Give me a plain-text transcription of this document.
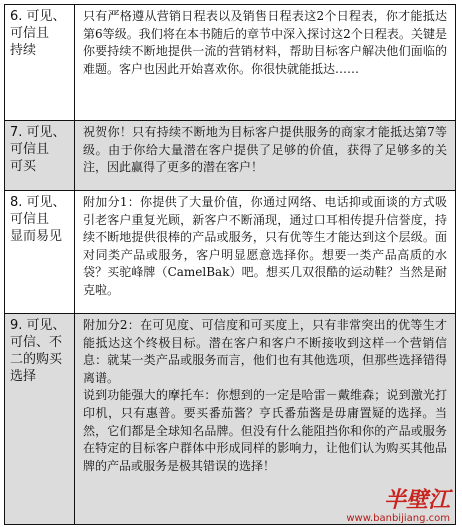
6. 可见、
可信且
持续

只有严格遵从营销日程表以及销售日程表这2个日程表，你才能抵达第6等级。我们将在本书随后的章节中深入探讨这2个日程表。关键是你要持续不断地提供一流的营销材料，帮助目标客户解决他们面临的难题。客户也因此开始喜欢你。你很快就能抵达……

7. 可见、
可信且
可买

祝贺你！只有持续不断地为目标客户提供服务的商家才能抵达第7等级。由于你给大量潜在客户提供了足够的价值，获得了足够多的关注，因此赢得了更多的潜在客户！

8. 可见、
可信且
显而易见

附加分1：你提供了大量价值，你通过网络、电话抑或面谈的方式吸引老客户重复光顾，新客户不断涌现，通过口耳相传提升信誉度，持续不断地提供很棒的产品或服务，只有优等生才能达到这个层级。面对同类产品或服务，客户明显愿意选择你。想要一类产品高质的水袋？买驼峰牌（CamelBak）吧。想买几双很酷的运动鞋？当然是耐克啦。

9. 可见、
可信、不
二的购买
选择

附加分2：在可见度、可信度和可买度上，只有非常突出的优等生才能抵达这个终极目标。潜在客户和客户不断接收到这样一个营销信息：就某一类产品或服务而言，他们也有其他选项，但那些选择错得离谱。

说到功能强大的摩托车：你想到的一定是哈雷－戴维森；说到激光打印机，只有惠普。要买番茄酱？亨氏番茄酱是毋庸置疑的选择。当然，它们都是全球知名品牌。但没有什么能阻挡你和你的产品或服务在特定的目标客户群体中形成同样的影响力，让他们认为购买其他品牌的产品或服务是极其错误的选择！

半壁江
www.banbijiang.com
